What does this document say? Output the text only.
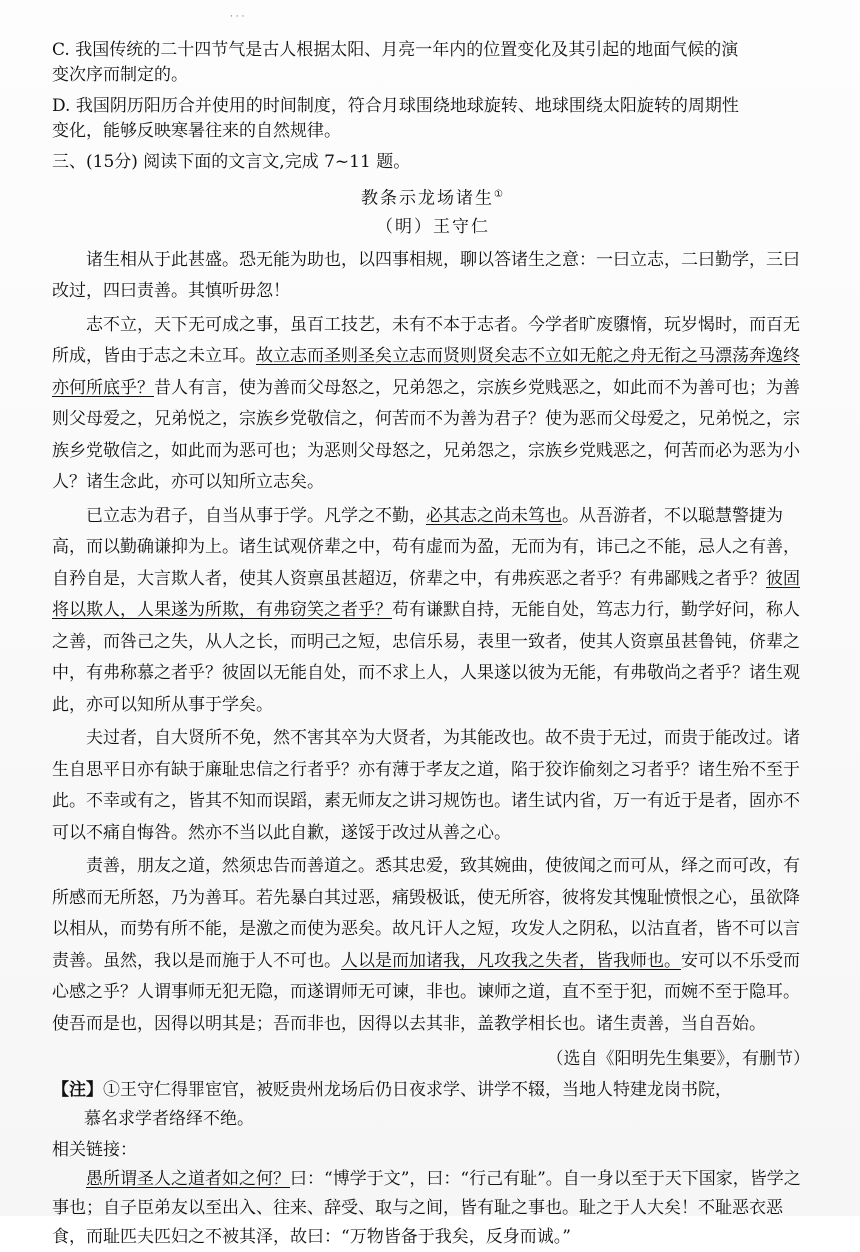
· · ·
C. 我国传统的二十四节气是古人根据太阳、月亮一年内的位置变化及其引起的地面气候的演
变次序而制定的。
D. 我国阴历阳历合并使用的时间制度，符合月球围绕地球旋转、地球围绕太阳旋转的周期性
变化，能够反映寒暑往来的自然规律。
三、(15分) 阅读下面的文言文,完成 7~11 题。
教条示龙场诸生①
（明）王守仁

诸生相从于此甚盛。恐无能为助也，以四事相规，聊以答诸生之意：一曰立志，二曰勤学，三曰改过，四曰责善。其慎听毋忽！

志不立，天下无可成之事，虽百工技艺，未有不本于志者。今学者旷废隳惰，玩岁愒时，而百无所成，皆由于志之未立耳。故立志而圣则圣矣立志而贤则贤矣志不立如无舵之舟无衔之马漂荡奔逸终亦何所底乎？昔人有言，使为善而父母怒之，兄弟怨之，宗族乡党贱恶之，如此而不为善可也；为善则父母爱之，兄弟悦之，宗族乡党敬信之，何苦而不为善为君子？使为恶而父母爱之，兄弟悦之，宗族乡党敬信之，如此而为恶可也；为恶则父母怒之，兄弟怨之，宗族乡党贱恶之，何苦而必为恶为小人？诸生念此，亦可以知所立志矣。

已立志为君子，自当从事于学。凡学之不勤，必其志之尚未笃也。从吾游者，不以聪慧警捷为高，而以勤确谦抑为上。诸生试观侪辈之中，苟有虚而为盈，无而为有，讳己之不能，忌人之有善，自矜自是，大言欺人者，使其人资禀虽甚超迈，侪辈之中，有弗疾恶之者乎？有弗鄙贱之者乎？彼固将以欺人，人果遂为所欺，有弗窃笑之者乎？苟有谦默自持，无能自处，笃志力行，勤学好问，称人之善，而咎己之失，从人之长，而明己之短，忠信乐易，表里一致者，使其人资禀虽甚鲁钝，侪辈之中，有弗称慕之者乎？彼固以无能自处，而不求上人，人果遂以彼为无能，有弗敬尚之者乎？诸生观此，亦可以知所从事于学矣。

夫过者，自大贤所不免，然不害其卒为大贤者，为其能改也。故不贵于无过，而贵于能改过。诸生自思平日亦有缺于廉耻忠信之行者乎？亦有薄于孝友之道，陷于狡诈偷刻之习者乎？诸生殆不至于此。不幸或有之，皆其不知而误蹈，素无师友之讲习规饬也。诸生试内省，万一有近于是者，固亦不可以不痛自悔咎。然亦不当以此自歉，遂馁于改过从善之心。

责善，朋友之道，然须忠告而善道之。悉其忠爱，致其婉曲，使彼闻之而可从，绎之而可改，有所感而无所怒，乃为善耳。若先暴白其过恶，痛毁极诋，使无所容，彼将发其愧耻愤恨之心，虽欲降以相从，而势有所不能，是激之而使为恶矣。故凡讦人之短，攻发人之阴私，以沽直者，皆不可以言责善。虽然，我以是而施于人不可也。人以是而加诸我，凡攻我之失者，皆我师也。安可以不乐受而心感之乎？人谓事师无犯无隐，而遂谓师无可谏，非也。谏师之道，直不至于犯，而婉不至于隐耳。使吾而是也，因得以明其是；吾而非也，因得以去其非，盖教学相长也。诸生责善，当自吾始。

（选自《阳明先生集要》，有删节）
【注】①王守仁得罪宦官，被贬贵州龙场后仍日夜求学、讲学不辍，当地人特建龙岗书院，
慕名求学者络绎不绝。
相关链接：

愚所谓圣人之道者如之何？曰：“博学于文”，曰：“行己有耻”。自一身以至于天下国家，皆学之事也；自子臣弟友以至出入、往来、辞受、取与之间，皆有耻之事也。耻之于人大矣！不耻恶衣恶食，而耻匹夫匹妇之不被其泽，故曰：“万物皆备于我矣，反身而诚。”
